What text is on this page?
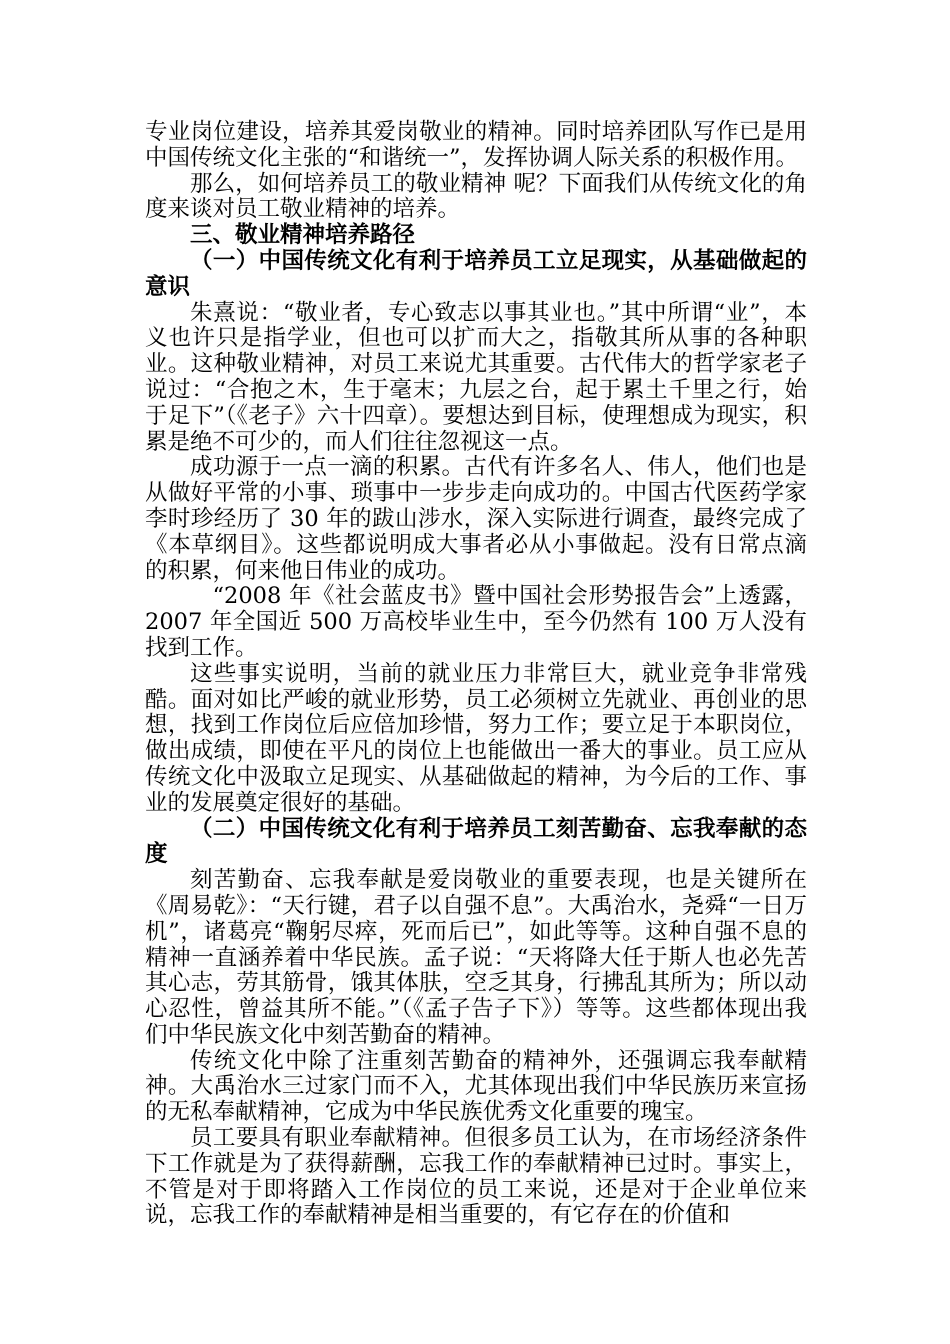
专业岗位建设，培养其爱岗敬业的精神。同时培养团队写作已是用中国传统文化主张的“和谐统一”，发挥协调人际关系的积极作用。

那么，如何培养员工的敬业精神 呢？下面我们从传统文化的角度来谈对员工敬业精神的培养。

三、敬业精神培养路径

（一）中国传统文化有利于培养员工立足现实，从基础做起的意识

朱熹说：“敬业者，专心致志以事其业也。”其中所谓“业”，本义也许只是指学业，但也可以扩而大之，指敬其所从事的各种职业。这种敬业精神，对员工来说尤其重要。古代伟大的哲学家老子说过：“合抱之木，生于毫末；九层之台，起于累土千里之行，始于足下”（《老子》六十四章）。要想达到目标，使理想成为现实，积累是绝不可少的，而人们往往忽视这一点。

成功源于一点一滴的积累。古代有许多名人、伟人，他们也是从做好平常的小事、琐事中一步步走向成功的。中国古代医药学家李时珍经历了 30 年的跋山涉水，深入实际进行调查，最终完成了《本草纲目》。这些都说明成大事者必从小事做起。没有日常点滴的积累，何来他日伟业的成功。

“2008 年《社会蓝皮书》暨中国社会形势报告会”上透露，2007 年全国近 500 万高校毕业生中，至今仍然有 100 万人没有找到工作。

这些事实说明，当前的就业压力非常巨大，就业竞争非常残酷。面对如比严峻的就业形势，员工必须树立先就业、再创业的思想，找到工作岗位后应倍加珍惜，努力工作；要立足于本职岗位，做出成绩，即使在平凡的岗位上也能做出一番大的事业。员工应从传统文化中汲取立足现实、从基础做起的精神，为今后的工作、事业的发展奠定很好的基础。

（二）中国传统文化有利于培养员工刻苦勤奋、忘我奉献的态度

刻苦勤奋、忘我奉献是爱岗敬业的重要表现，也是关键所在《周易乾》：“天行键，君子以自强不息”。大禹治水，尧舜“一日万机”，诸葛亮“鞠躬尽瘁，死而后已”，如此等等。这种自强不息的精神一直涵养着中华民族。孟子说：“天将降大任于斯人也必先苦其心志，劳其筋骨，饿其体肤，空乏其身，行拂乱其所为；所以动心忍性，曾益其所不能。”（《孟子告子下》）等等。这些都体现出我们中华民族文化中刻苦勤奋的精神。

传统文化中除了注重刻苦勤奋的精神外，还强调忘我奉献精神。大禹治水三过家门而不入，尤其体现出我们中华民族历来宣扬的无私奉献精神，它成为中华民族优秀文化重要的瑰宝。

员工要具有职业奉献精神。但很多员工认为，在市场经济条件下工作就是为了获得薪酬，忘我工作的奉献精神已过时。事实上，不管是对于即将踏入工作岗位的员工来说，还是对于企业单位来说，忘我工作的奉献精神是相当重要的，有它存在的价值和
